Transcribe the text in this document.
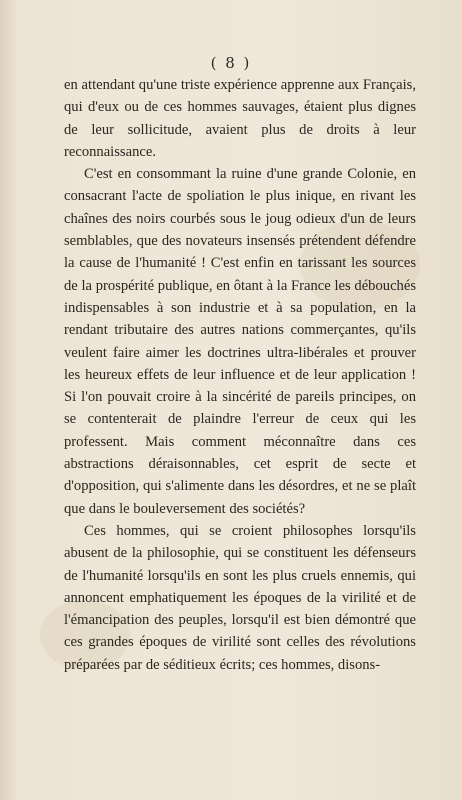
( 8 )

en attendant qu'une triste expérience apprenne aux Français, qui d'eux ou de ces hommes sauvages, étaient plus dignes de leur sollicitude, avaient plus de droits à leur reconnaissance.

C'est en consommant la ruine d'une grande Colonie, en consacrant l'acte de spoliation le plus inique, en rivant les chaînes des noirs courbés sous le joug odieux d'un de leurs semblables, que des novateurs insensés prétendent défendre la cause de l'humanité ! C'est enfin en tarissant les sources de la prospérité publique, en ôtant à la France les débouchés indispensables à son industrie et à sa population, en la rendant tributaire des autres nations commerçantes, qu'ils veulent faire aimer les doctrines ultra-libérales et prouver les heureux effets de leur influence et de leur application ! Si l'on pouvait croire à la sincérité de pareils principes, on se contenterait de plaindre l'erreur de ceux qui les professent. Mais comment méconnaître dans ces abstractions déraisonnables, cet esprit de secte et d'opposition, qui s'alimente dans les désordres, et ne se plaît que dans le bouleversement des sociétés?

Ces hommes, qui se croient philosophes lorsqu'ils abusent de la philosophie, qui se constituent les défenseurs de l'humanité lorsqu'ils en sont les plus cruels ennemis, qui annoncent emphatiquement les époques de la virilité et de l'émancipation des peuples, lorsqu'il est bien démontré que ces grandes époques de virilité sont celles des révolutions préparées par de séditieux écrits; ces hommes, disons-
